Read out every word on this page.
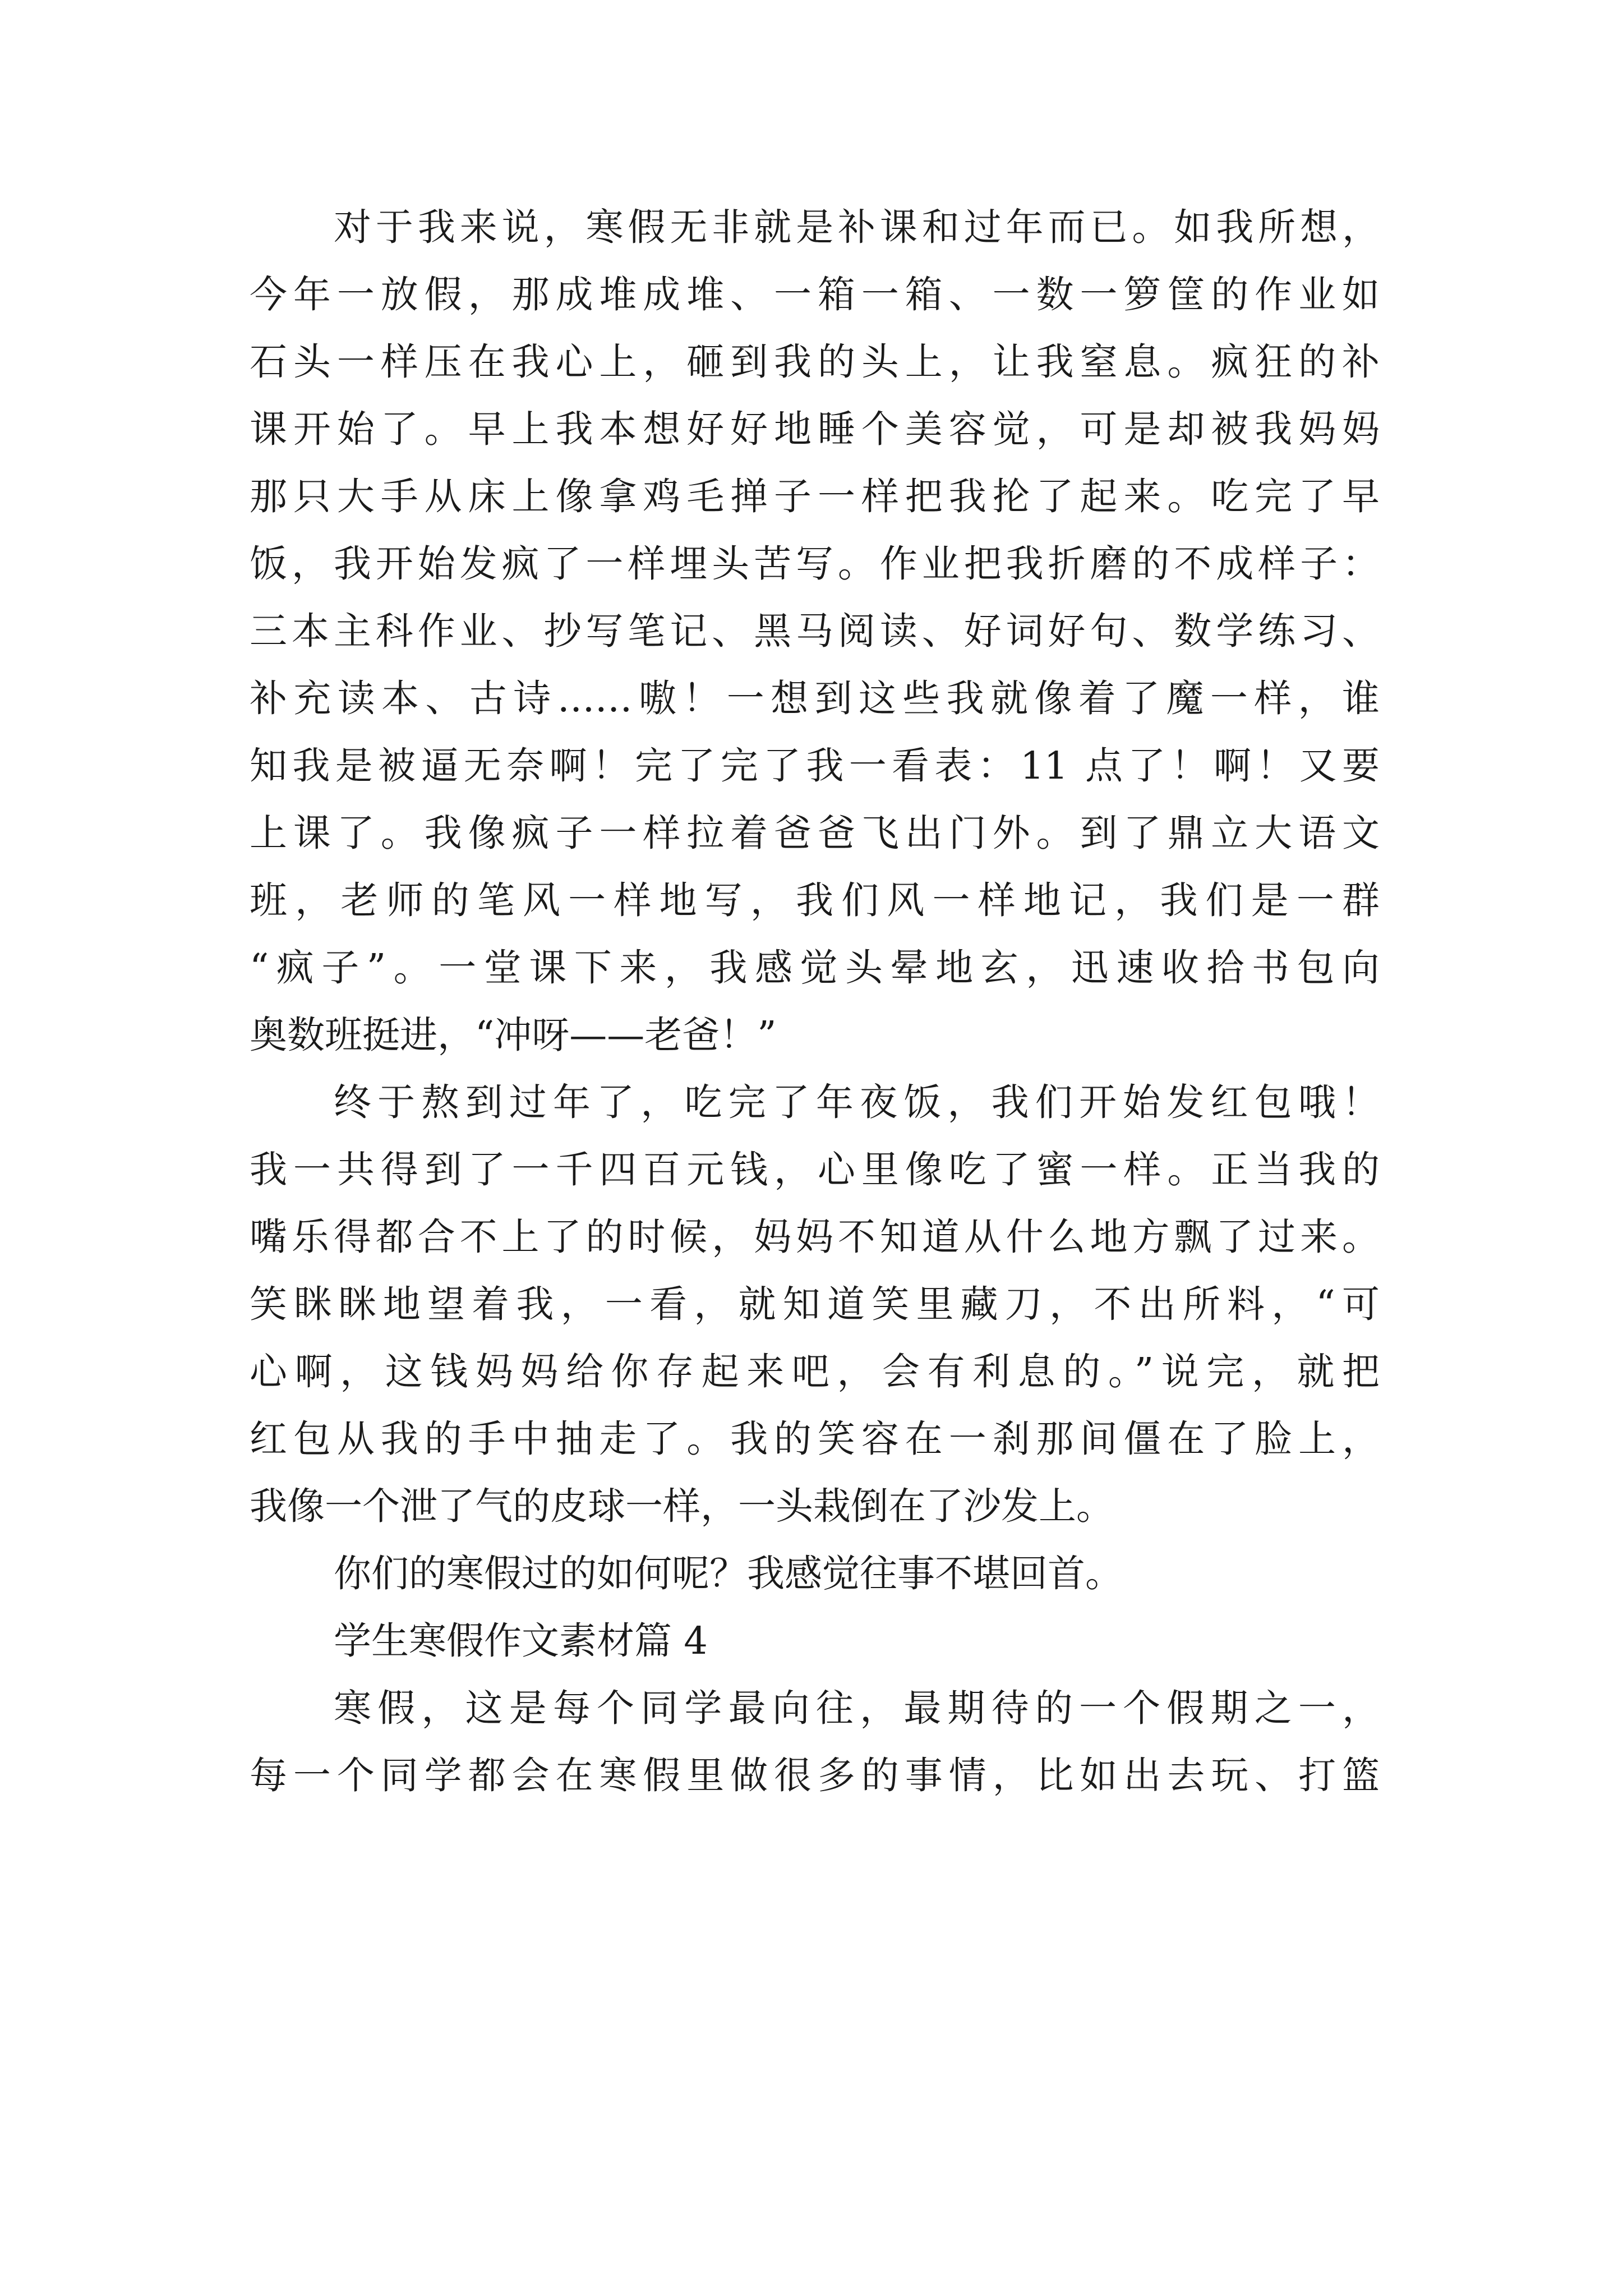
对于我来说，寒假无非就是补课和过年而已。如我所想，
今年一放假，那成堆成堆、一箱一箱、一数一箩筐的作业如
石头一样压在我心上，砸到我的头上，让我窒息。疯狂的补
课开始了。早上我本想好好地睡个美容觉，可是却被我妈妈
那只大手从床上像拿鸡毛掸子一样把我抡了起来。吃完了早
饭，我开始发疯了一样埋头苦写。作业把我折磨的不成样子：
三本主科作业、抄写笔记、黑马阅读、好词好句、数学练习、
补充读本、古诗……嗷！一想到这些我就像着了魔一样，谁
知我是被逼无奈啊！完了完了我一看表：11 点了！啊！又要
上课了。我像疯子一样拉着爸爸飞出门外。到了鼎立大语文
班，老师的笔风一样地写，我们风一样地记，我们是一群
“疯子”。一堂课下来，我感觉头晕地玄，迅速收拾书包向
奥数班挺进，“冲呀——老爸！”
终于熬到过年了，吃完了年夜饭，我们开始发红包哦！
我一共得到了一千四百元钱，心里像吃了蜜一样。正当我的
嘴乐得都合不上了的时候，妈妈不知道从什么地方飘了过来。
笑眯眯地望着我，一看，就知道笑里藏刀，不出所料，“可
心啊，这钱妈妈给你存起来吧，会有利息的。”说完，就把
红包从我的手中抽走了。我的笑容在一刹那间僵在了脸上，
我像一个泄了气的皮球一样，一头栽倒在了沙发上。
你们的寒假过的如何呢？我感觉往事不堪回首。
学生寒假作文素材篇 4
寒假，这是每个同学最向往，最期待的一个假期之一，
每一个同学都会在寒假里做很多的事情，比如出去玩、打篮
